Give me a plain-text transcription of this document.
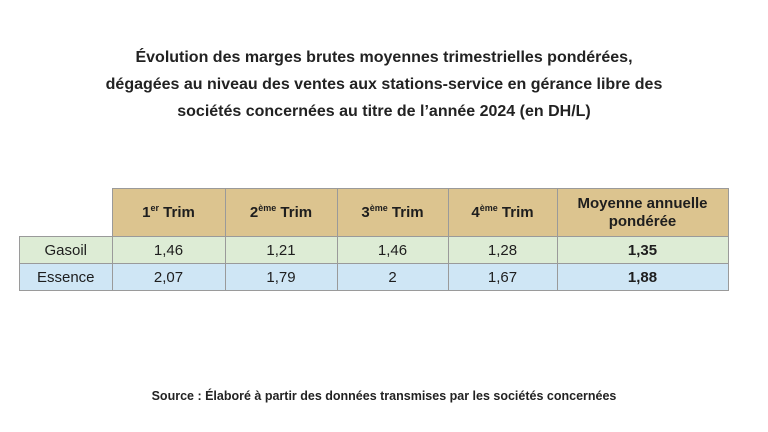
Évolution des marges brutes moyennes trimestrielles pondérées,
dégagées au niveau des ventes aux stations-service en gérance libre des
sociétés concernées au titre de l’année 2024 (en DH/L)
	1er Trim	2ème Trim	3ème Trim	4ème Trim	Moyenne annuelle pondérée
Gasoil	1,46	1,21	1,46	1,28	1,35
Essence	2,07	1,79	2	1,67	1,88
Source : Élaboré à partir des données transmises par les sociétés concernées
